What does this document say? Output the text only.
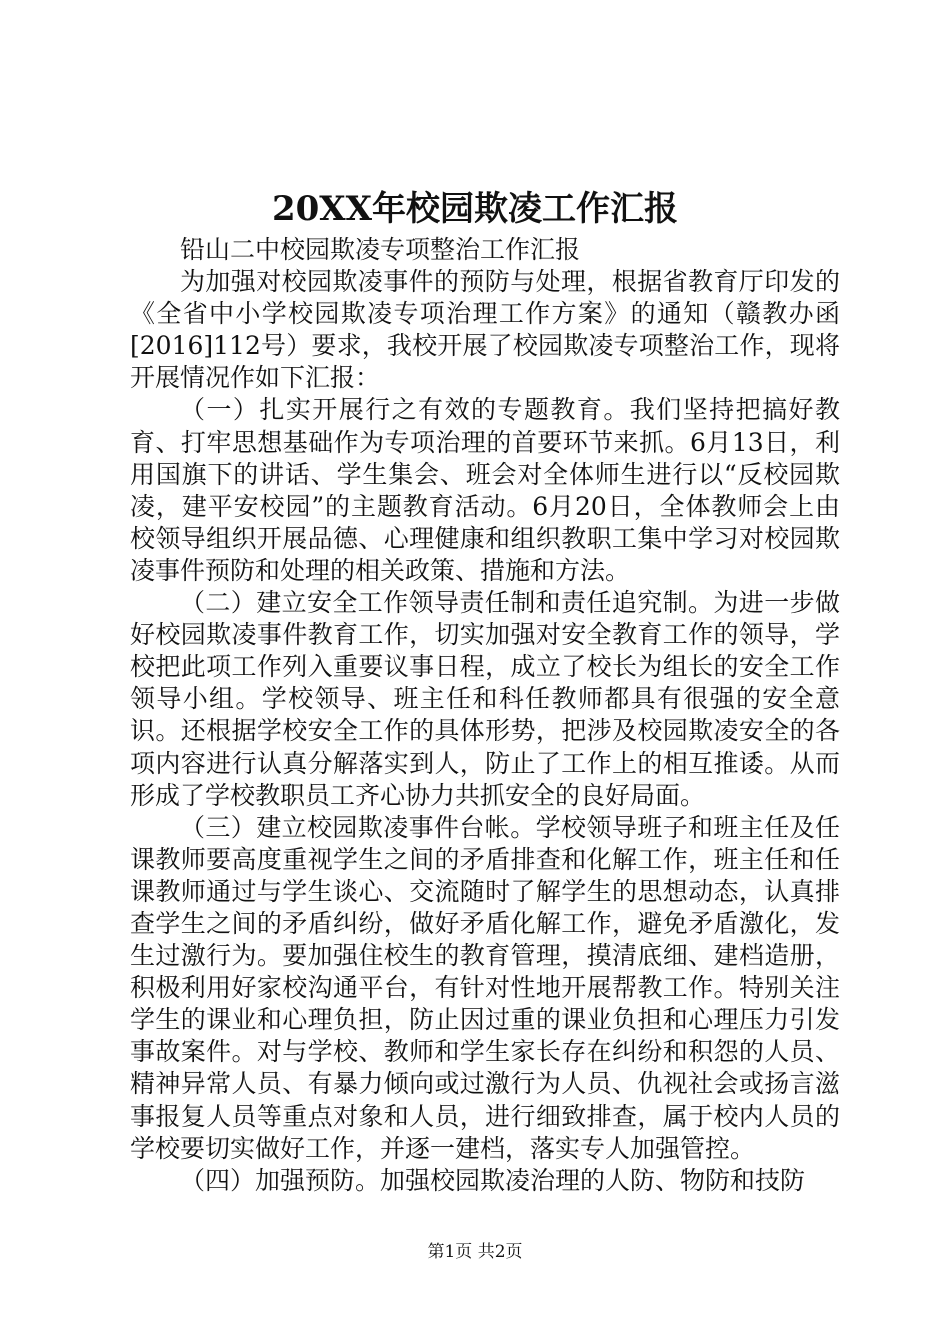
20XX年校园欺凌工作汇报

铅山二中校园欺凌专项整治工作汇报

为加强对校园欺凌事件的预防与处理，根据省教育厅印发的《全省中小学校园欺凌专项治理工作方案》的通知（赣教办函[2016]112号）要求，我校开展了校园欺凌专项整治工作，现将开展情况作如下汇报：

（一）扎实开展行之有效的专题教育。我们坚持把搞好教育、打牢思想基础作为专项治理的首要环节来抓。6月13日，利用国旗下的讲话、学生集会、班会对全体师生进行以“反校园欺凌，建平安校园”的主题教育活动。6月20日，全体教师会上由校领导组织开展品德、心理健康和组织教职工集中学习对校园欺凌事件预防和处理的相关政策、措施和方法。

（二）建立安全工作领导责任制和责任追究制。为进一步做好校园欺凌事件教育工作，切实加强对安全教育工作的领导，学校把此项工作列入重要议事日程，成立了校长为组长的安全工作领导小组。学校领导、班主任和科任教师都具有很强的安全意识。还根据学校安全工作的具体形势，把涉及校园欺凌安全的各项内容进行认真分解落实到人，防止了工作上的相互推诿。从而形成了学校教职员工齐心协力共抓安全的良好局面。

（三）建立校园欺凌事件台帐。学校领导班子和班主任及任课教师要高度重视学生之间的矛盾排查和化解工作，班主任和任课教师通过与学生谈心、交流随时了解学生的思想动态，认真排查学生之间的矛盾纠纷，做好矛盾化解工作，避免矛盾激化，发生过激行为。要加强住校生的教育管理，摸清底细、建档造册，积极利用好家校沟通平台，有针对性地开展帮教工作。特别关注学生的课业和心理负担，防止因过重的课业负担和心理压力引发事故案件。对与学校、教师和学生家长存在纠纷和积怨的人员、精神异常人员、有暴力倾向或过激行为人员、仇视社会或扬言滋事报复人员等重点对象和人员，进行细致排查，属于校内人员的学校要切实做好工作，并逐一建档，落实专人加强管控。

（四）加强预防。加强校园欺凌治理的人防、物防和技防

第1页 共2页
